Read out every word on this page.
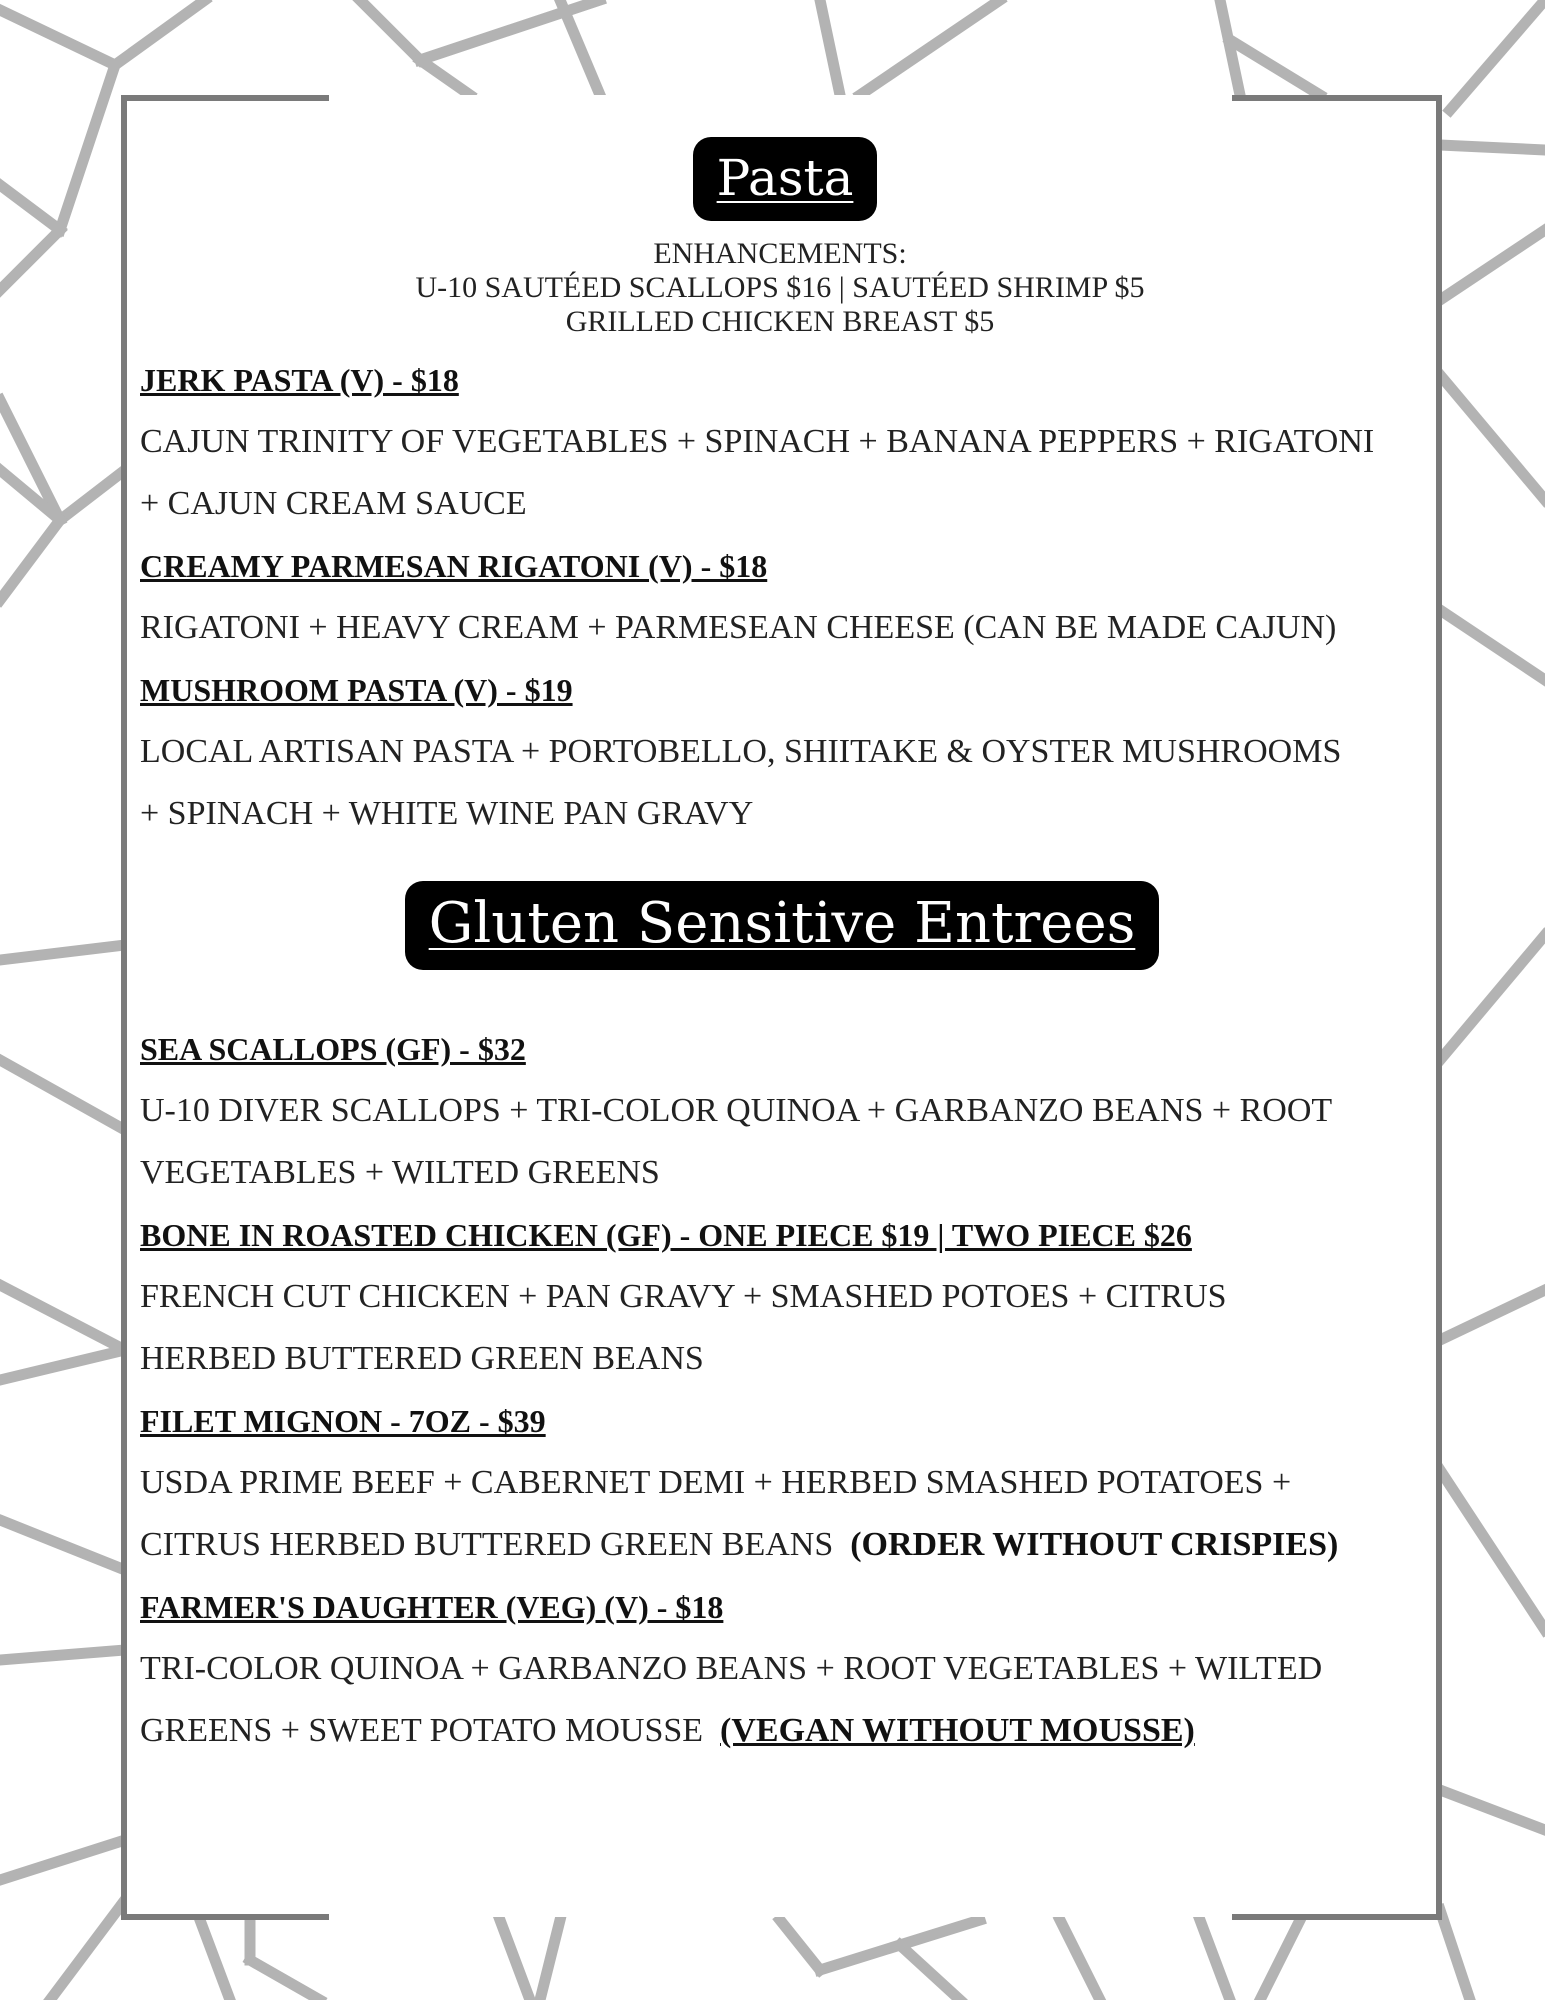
Pasta
ENHANCEMENTS:
U-10 SAUTÉED SCALLOPS $16 | SAUTÉED SHRIMP $5
GRILLED CHICKEN BREAST $5
JERK PASTA (V) - $18
CAJUN TRINITY OF VEGETABLES + SPINACH + BANANA PEPPERS + RIGATONI
+ CAJUN CREAM SAUCE
CREAMY PARMESAN RIGATONI (V) - $18
RIGATONI + HEAVY CREAM + PARMESEAN CHEESE (CAN BE MADE CAJUN)
MUSHROOM PASTA (V) - $19
LOCAL ARTISAN PASTA + PORTOBELLO, SHIITAKE & OYSTER MUSHROOMS
+ SPINACH + WHITE WINE PAN GRAVY
Gluten Sensitive Entrees
SEA SCALLOPS (GF) - $32
U-10 DIVER SCALLOPS + TRI-COLOR QUINOA + GARBANZO BEANS + ROOT
VEGETABLES + WILTED GREENS
BONE IN ROASTED CHICKEN (GF) - ONE PIECE $19 | TWO PIECE $26
FRENCH CUT CHICKEN + PAN GRAVY + SMASHED POTOES + CITRUS
HERBED BUTTERED GREEN BEANS
FILET MIGNON - 7OZ - $39
USDA PRIME BEEF + CABERNET DEMI + HERBED SMASHED POTATOES +
CITRUS HERBED BUTTERED GREEN BEANS (ORDER WITHOUT CRISPIES)
FARMER'S DAUGHTER (VEG) (V) - $18
TRI-COLOR QUINOA + GARBANZO BEANS + ROOT VEGETABLES + WILTED
GREENS + SWEET POTATO MOUSSE (VEGAN WITHOUT MOUSSE)
